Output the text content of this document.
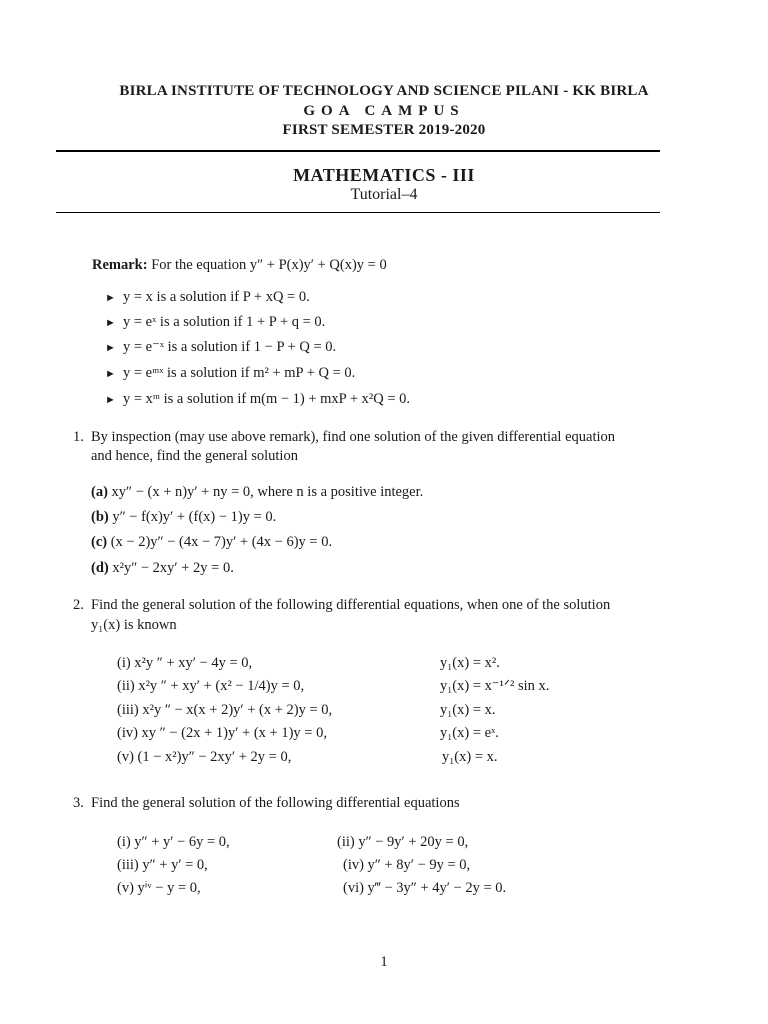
BIRLA INSTITUTE OF TECHNOLOGY AND SCIENCE PILANI - KK BIRLA
GOA CAMPUS
FIRST SEMESTER 2019-2020
MATHEMATICS - III
Tutorial–4
Remark: For the equation y″ + P(x)y′ + Q(x)y = 0
► y = x is a solution if P + xQ = 0.
► y = eˣ is a solution if 1 + P + q = 0.
► y = e⁻ˣ is a solution if 1 − P + Q = 0.
► y = eᵐˣ is a solution if m² + mP + Q = 0.
► y = xᵐ is a solution if m(m − 1) + mxP + x²Q = 0.
1. By inspection (may use above remark), find one solution of the given differential equation
and hence, find the general solution
(a) xy″ − (x + n)y′ + ny = 0, where n is a positive integer.
(b) y″ − f(x)y′ + (f(x) − 1)y = 0.
(c) (x − 2)y″ − (4x − 7)y′ + (4x − 6)y = 0.
(d) x²y″ − 2xy′ + 2y = 0.
2. Find the general solution of the following differential equations, when one of the solution
y₁(x) is known
(i) x²y ″ + xy′ − 4y = 0,	y₁(x) = x².
(ii) x²y ″ + xy′ + (x² − 1/4)y = 0,	y₁(x) = x⁻¹ᐟ² sin x.
(iii) x²y ″ − x(x + 2)y′ + (x + 2)y = 0,	y₁(x) = x.
(iv) xy ″ − (2x + 1)y′ + (x + 1)y = 0,	y₁(x) = eˣ.
(v) (1 − x²)y″ − 2xy′ + 2y = 0,	y₁(x) = x.
3. Find the general solution of the following differential equations
(i) y″ + y′ − 6y = 0,	(ii) y″ − 9y′ + 20y = 0,
(iii) y″ + y′ = 0,	(iv) y″ + 8y′ − 9y = 0,
(v) yⁱᵛ − y = 0,	(vi) y‴ − 3y″ + 4y′ − 2y = 0.
1
